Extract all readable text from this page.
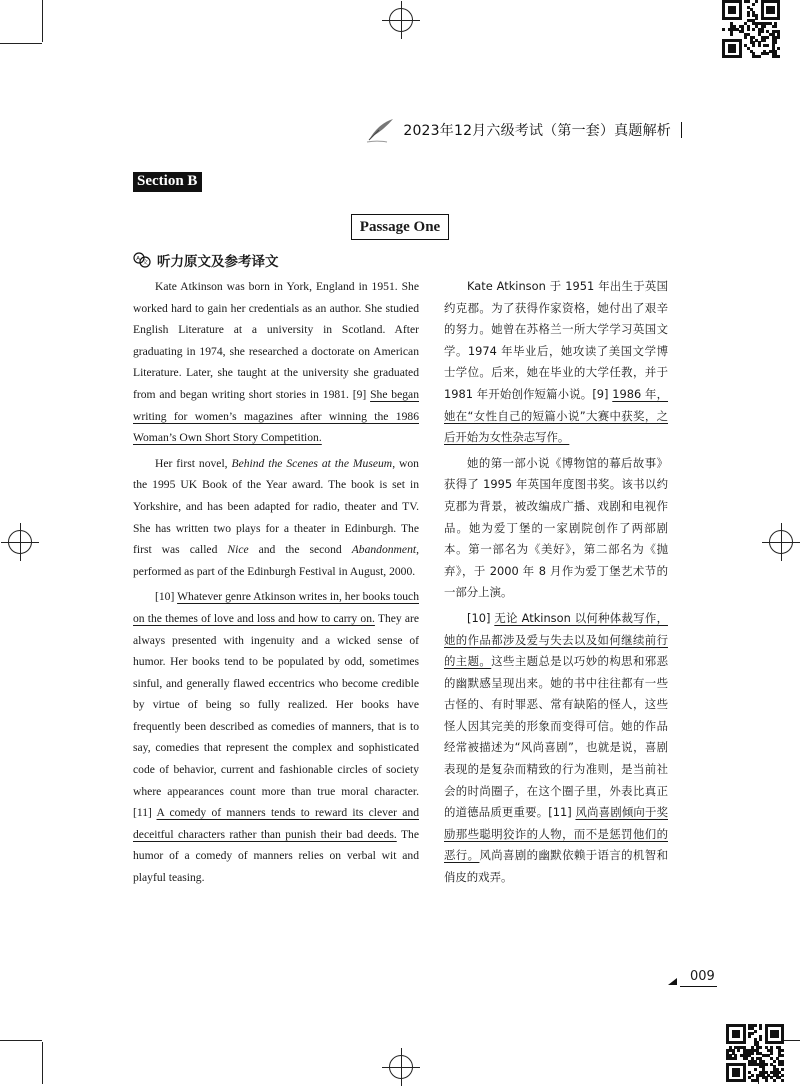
2023年12月六级考试（第一套）真题解析
Section B
Passage One
A
文 听力原文及参考译文

Kate Atkinson was born in York, England in 1951. She worked hard to gain her credentials as an author. She studied English Literature at a university in Scotland. After graduating in 1974, she researched a doctorate on American Literature. Later, she taught at the university she graduated from and began writing short stories in 1981. [9] She began writing for women’s magazines after winning the 1986 Woman’s Own Short Story Competition.

Her first novel, Behind the Scenes at the Museum, won the 1995 UK Book of the Year award. The book is set in Yorkshire, and has been adapted for radio, theater and TV. She has written two plays for a theater in Edinburgh. The first was called Nice and the second Abandonment, performed as part of the Edinburgh Festival in August, 2000.

[10] Whatever genre Atkinson writes in, her books touch on the themes of love and loss and how to carry on. They are always presented with ingenuity and a wicked sense of humor. Her books tend to be populated by odd, sometimes sinful, and generally flawed eccentrics who become credible by virtue of being so fully realized. Her books have frequently been described as comedies of manners, that is to say, comedies that represent the complex and sophisticated code of behavior, current and fashionable circles of society where appearances count more than true moral character. [11] A comedy of manners tends to reward its clever and deceitful characters rather than punish their bad deeds. The humor of a comedy of manners relies on verbal wit and playful teasing.

Kate Atkinson 于 1951 年出生于英国约克郡。为了获得作家资格，她付出了艰辛的努力。她曾在苏格兰一所大学学习英国文学。1974 年毕业后，她攻读了美国文学博士学位。后来，她在毕业的大学任教，并于 1981 年开始创作短篇小说。[9] 1986 年，她在“女性自己的短篇小说”大赛中获奖，之后开始为女性杂志写作。

她的第一部小说《博物馆的幕后故事》获得了 1995 年英国年度图书奖。该书以约克郡为背景，被改编成广播、戏剧和电视作品。她为爱丁堡的一家剧院创作了两部剧本。第一部名为《美好》，第二部名为《抛弃》，于 2000 年 8 月作为爱丁堡艺术节的一部分上演。

[10] 无论 Atkinson 以何种体裁写作，她的作品都涉及爱与失去以及如何继续前行的主题。这些主题总是以巧妙的构思和邪恶的幽默感呈现出来。她的书中往往都有一些古怪的、有时罪恶、常有缺陷的怪人，这些怪人因其完美的形象而变得可信。她的作品经常被描述为“风尚喜剧”，也就是说，喜剧表现的是复杂而精致的行为准则，是当前社会的时尚圈子，在这个圈子里，外表比真正的道德品质更重要。[11] 风尚喜剧倾向于奖励那些聪明狡诈的人物，而不是惩罚他们的恶行。风尚喜剧的幽默依赖于语言的机智和俏皮的戏弄。

009
